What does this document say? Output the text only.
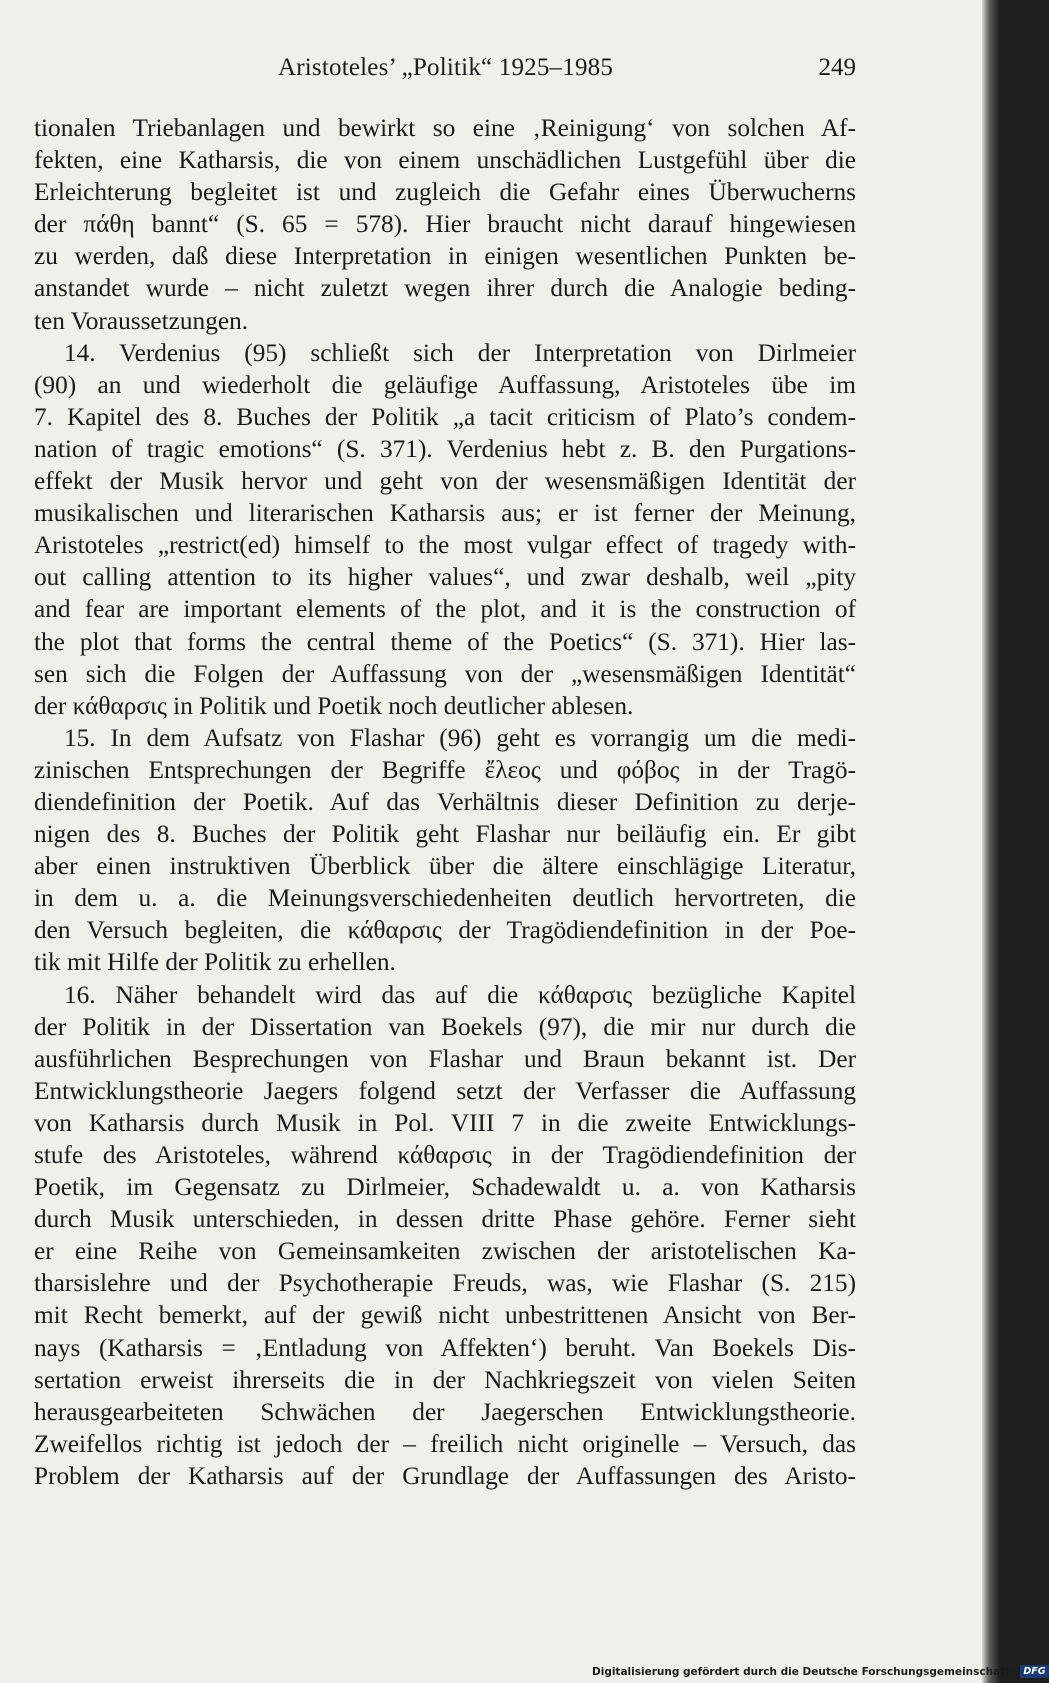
Aristoteles’ „Politik“ 1925–1985	249
tionalen Triebanlagen und bewirkt so eine ‚Reinigung‘ von solchen Af-
fekten, eine Katharsis, die von einem unschädlichen Lustgefühl über die
Erleichterung begleitet ist und zugleich die Gefahr eines Überwucherns
der πάθη bannt“ (S. 65 = 578). Hier braucht nicht darauf hingewiesen
zu werden, daß diese Interpretation in einigen wesentlichen Punkten be-
anstandet wurde – nicht zuletzt wegen ihrer durch die Analogie beding-
ten Voraussetzungen.
14. Verdenius (95) schließt sich der Interpretation von Dirlmeier
(90) an und wiederholt die geläufige Auffassung, Aristoteles übe im
7. Kapitel des 8. Buches der Politik „a tacit criticism of Plato’s condem-
nation of tragic emotions“ (S. 371). Verdenius hebt z. B. den Purgations-
effekt der Musik hervor und geht von der wesensmäßigen Identität der
musikalischen und literarischen Katharsis aus; er ist ferner der Meinung,
Aristoteles „restrict(ed) himself to the most vulgar effect of tragedy with-
out calling attention to its higher values“, und zwar deshalb, weil „pity
and fear are important elements of the plot, and it is the construction of
the plot that forms the central theme of the Poetics“ (S. 371). Hier las-
sen sich die Folgen der Auffassung von der „wesensmäßigen Identität“
der κάθαρσις in Politik und Poetik noch deutlicher ablesen.
15. In dem Aufsatz von Flashar (96) geht es vorrangig um die medi-
zinischen Entsprechungen der Begriffe ἔλεος und φόβος in der Tragö-
diendefinition der Poetik. Auf das Verhältnis dieser Definition zu derje-
nigen des 8. Buches der Politik geht Flashar nur beiläufig ein. Er gibt
aber einen instruktiven Überblick über die ältere einschlägige Literatur,
in dem u. a. die Meinungsverschiedenheiten deutlich hervortreten, die
den Versuch begleiten, die κάθαρσις der Tragödiendefinition in der Poe-
tik mit Hilfe der Politik zu erhellen.
16. Näher behandelt wird das auf die κάθαρσις bezügliche Kapitel
der Politik in der Dissertation van Boekels (97), die mir nur durch die
ausführlichen Besprechungen von Flashar und Braun bekannt ist. Der
Entwicklungstheorie Jaegers folgend setzt der Verfasser die Auffassung
von Katharsis durch Musik in Pol. VIII 7 in die zweite Entwicklungs-
stufe des Aristoteles, während κάθαρσις in der Tragödiendefinition der
Poetik, im Gegensatz zu Dirlmeier, Schadewaldt u. a. von Katharsis
durch Musik unterschieden, in dessen dritte Phase gehöre. Ferner sieht
er eine Reihe von Gemeinsamkeiten zwischen der aristotelischen Ka-
tharsislehre und der Psychotherapie Freuds, was, wie Flashar (S. 215)
mit Recht bemerkt, auf der gewiß nicht unbestrittenen Ansicht von Ber-
nays (Katharsis = ‚Entladung von Affekten‘) beruht. Van Boekels Dis-
sertation erweist ihrerseits die in der Nachkriegszeit von vielen Seiten
herausgearbeiteten Schwächen der Jaegerschen Entwicklungstheorie.
Zweifellos richtig ist jedoch der – freilich nicht originelle – Versuch, das
Problem der Katharsis auf der Grundlage der Auffassungen des Aristo-
Digitalisierung gefördert durch die Deutsche Forschungsgemeinschaft · DFG
